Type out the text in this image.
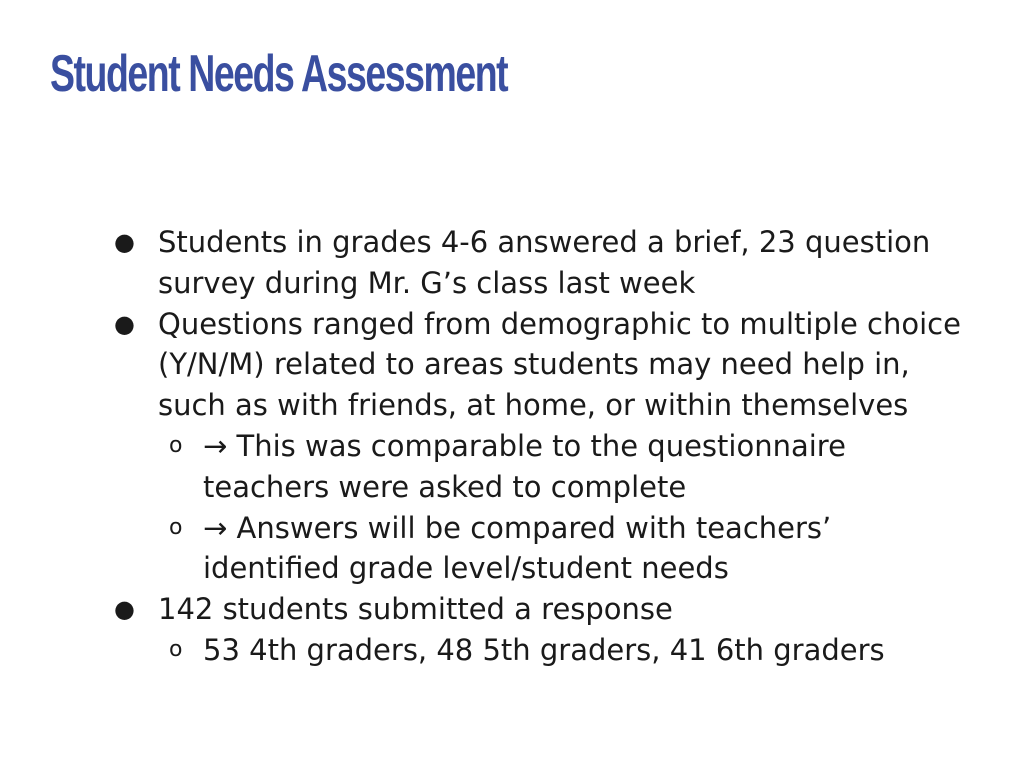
Student Needs Assessment
● Students in grades 4-6 answered a brief, 23 question survey during Mr. G’s class last week
● Questions ranged from demographic to multiple choice (Y/N/M) related to areas students may need help in, such as with friends, at home, or within themselves
o → This was comparable to the questionnaire teachers were asked to complete
o → Answers will be compared with teachers’ identified grade level/student needs
● 142 students submitted a response
o 53 4th graders, 48 5th graders, 41 6th graders
